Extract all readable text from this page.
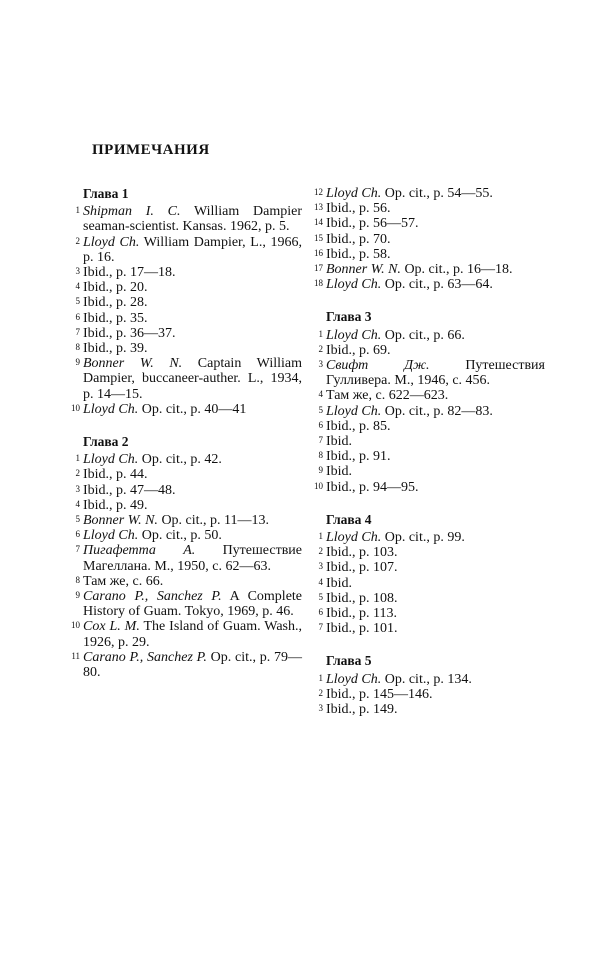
ПРИМЕЧАНИЯ
Глава 1
1 Shipman I. C. William Dampier seaman-scientist. Kansas. 1962, p. 5.
2 Lloyd Ch. William Dampier, L., 1966, p. 16.
3 Ibid., p. 17—18.
4 Ibid., p. 20.
5 Ibid., p. 28.
6 Ibid., p. 35.
7 Ibid., p. 36—37.
8 Ibid., p. 39.
9 Bonner W. N. Captain William Dampier, buccaneer-auther. L., 1934, p. 14—15.
10 Lloyd Ch. Op. cit., p. 40—41
Глава 2
1 Lloyd Ch. Op. cit., p. 42.
2 Ibid., p. 44.
3 Ibid., p. 47—48.
4 Ibid., p. 49.
5 Bonner W. N. Op. cit., p. 11—13.
6 Lloyd Ch. Op. cit., p. 50.
7 Пигафетта А. Путешествие Магеллана. М., 1950, с. 62—63.
8 Там же, с. 66.
9 Carano P., Sanchez P. A Complete History of Guam. Tokyo, 1969, p. 46.
10 Cox L. M. The Island of Guam. Wash., 1926, p. 29.
11 Carano P., Sanchez P. Op. cit., p. 79—80.
12 Lloyd Ch. Op. cit., p. 54—55.
13 Ibid., p. 56.
14 Ibid., p. 56—57.
15 Ibid., p. 70.
16 Ibid., p. 58.
17 Bonner W. N. Op. cit., p. 16—18.
18 Lloyd Ch. Op. cit., p. 63—64.
Глава 3
1 Lloyd Ch. Op. cit., p. 66.
2 Ibid., p. 69.
3 Свифт Дж. Путешествия Гулливера. М., 1946, с. 456.
4 Там же, с. 622—623.
5 Lloyd Ch. Op. cit., p. 82—83.
6 Ibid., p. 85.
7 Ibid.
8 Ibid., p. 91.
9 Ibid.
10 Ibid., p. 94—95.
Глава 4
1 Lloyd Ch. Op. cit., p. 99.
2 Ibid., p. 103.
3 Ibid., p. 107.
4 Ibid.
5 Ibid., p. 108.
6 Ibid., p. 113.
7 Ibid., p. 101.
Глава 5
1 Lloyd Ch. Op. cit., p. 134.
2 Ibid., p. 145—146.
3 Ibid., p. 149.
